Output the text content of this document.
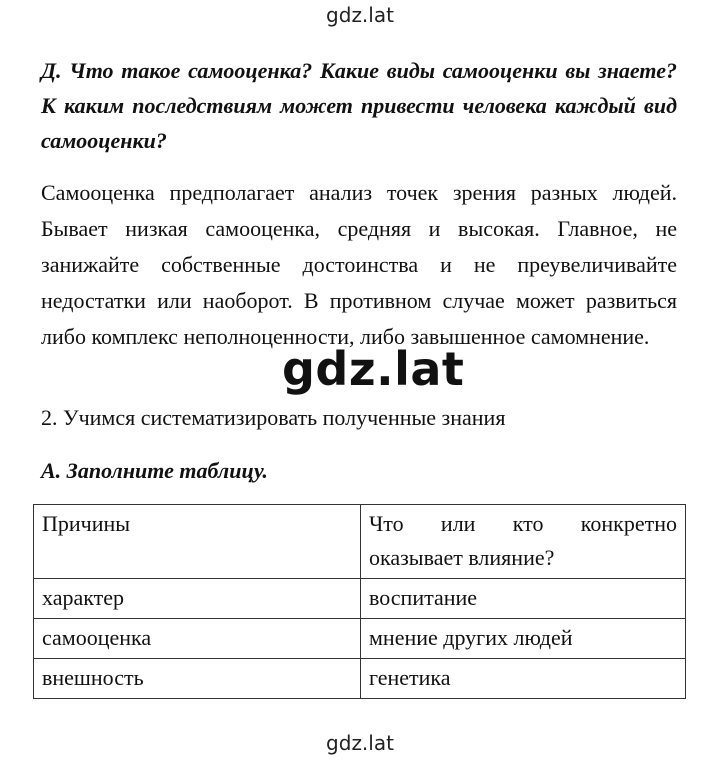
gdz.lat

Д. Что такое самооценка? Какие виды самооценки вы знаете? К каким последствиям может привести человека каждый вид самооценки?

Самооценка предполагает анализ точек зрения разных людей. Бывает низкая самооценка, средняя и высокая. Главное, не занижайте собственные достоинства и не преувеличивайте недостатки или наоборот. В противном случае может развиться либо комплекс неполноценности, либо завышенное самомнение.

gdz.lat

2. Учимся систематизировать полученные знания

А. Заполните таблицу.

Причины	Что или кто конкретно оказывает влияние?
характер	воспитание
самооценка	мнение других людей
внешность	генетика
gdz.lat
